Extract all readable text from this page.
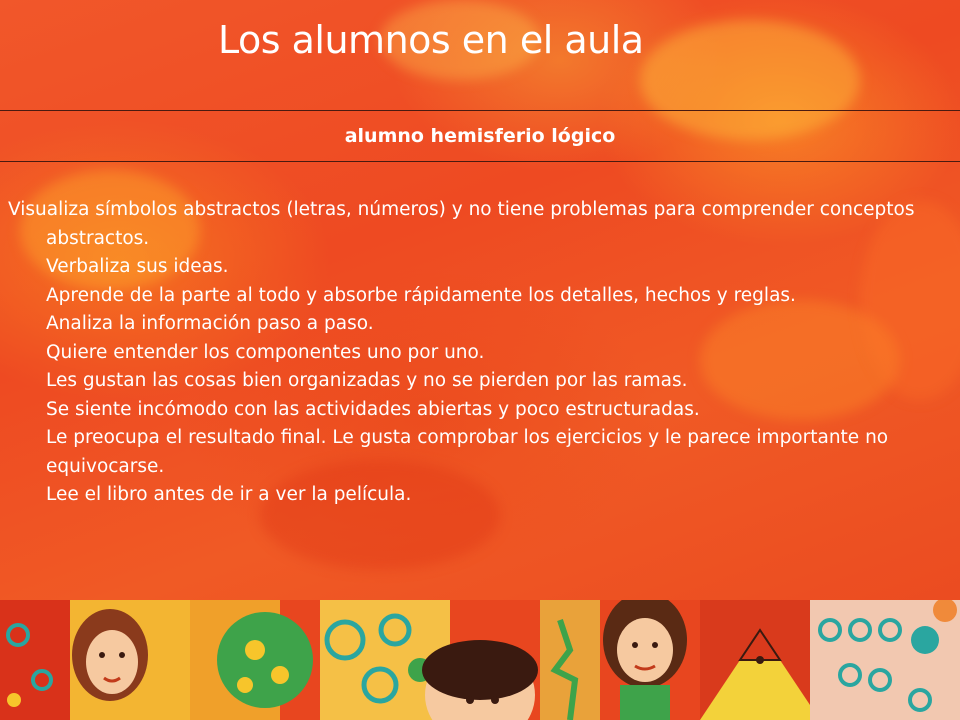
Los alumnos en el aula
alumno hemisferio lógico

Visualiza símbolos abstractos (letras, números) y no tiene problemas para comprender conceptos abstractos.

Verbaliza sus ideas.

Aprende de la parte al todo y absorbe rápidamente los detalles, hechos y reglas.

Analiza la información paso a paso.

Quiere entender los componentes uno por uno.

Les gustan las cosas bien organizadas y no se pierden por las ramas.

Se siente incómodo con las actividades abiertas y poco estructuradas.

Le preocupa el resultado final. Le gusta comprobar los ejercicios y le parece importante no equivocarse.

Lee el libro antes de ir a ver la película.
